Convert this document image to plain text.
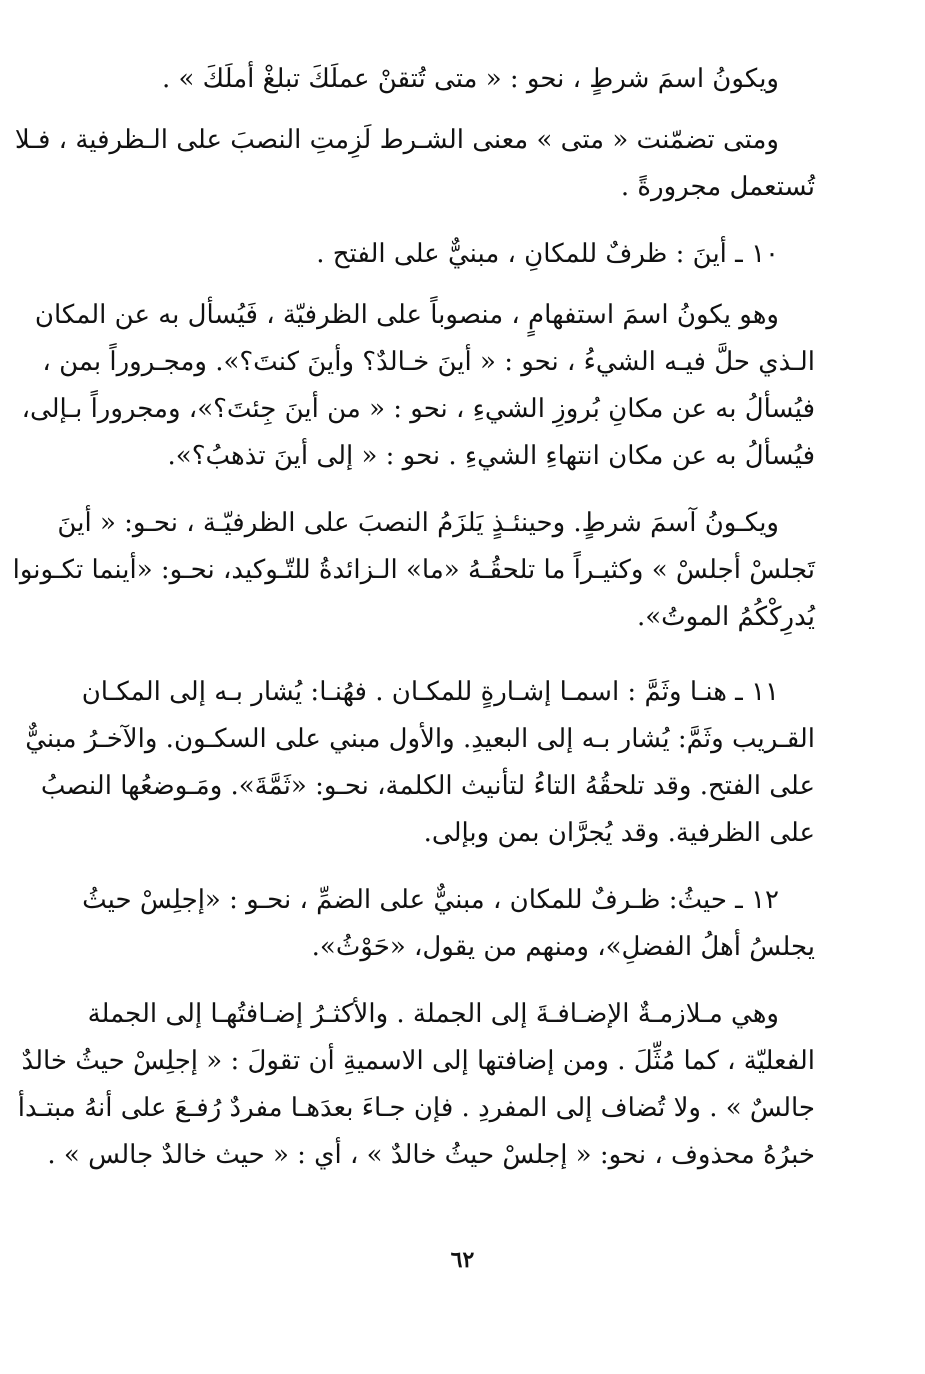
ويكونُ اسمَ شرطٍ ، نحو : « متى تُتقنْ عملَكَ تبلغْ أملَكَ » .
ومتى تضمّنت « متى » معنى الشـرط لَزِمتِ النصبَ على الـظرفية ، فـلا
تُستعمل مجرورةً .
١٠ ـ أينَ : ظرفٌ للمكانِ ، مبنيٌّ على الفتح .
وهو يكونُ اسمَ استفهامٍ ، منصوباً على الظرفيّة ، فَيُسأل به عن المكان
الـذي حلَّ فيـه الشيءُ ، نحو : « أينَ خـالدٌ؟ وأينَ كنتَ؟». ومجـروراً بمن ،
فيُسألُ به عن مكانِ بُروزِ الشيءِ ، نحو : « من أينَ جِئتَ؟»، ومجروراً بـإلى،
فيُسألُ به عن مكان انتهاءِ الشيءِ . نحو : « إلى أينَ تذهبُ؟».
ويكـونُ آسمَ شرطٍ. وحينئـذٍ يَلزَمُ النصبَ على الظرفيّـة ، نحـو: « أينَ
تَجلسْ أجلسْ » وكثيـراً ما تلحقُـهُ «ما» الـزائدةُ للتّـوكيد، نحـو: «أينما تكـونوا
يُدرِكْكُمُ الموتُ».
١١ ـ هنـا وثَمَّ : اسمـا إشـارةٍ للمكـان . فهُنـا: يُشار بـه إلى المكـان
القـريب وثَمَّ: يُشار بـه إلى البعيدِ. والأول مبني على السكـون. والآخـرُ مبنيٌّ
على الفتح. وقد تلحقُهُ التاءُ لتأنيث الكلمة، نحـو: «ثَمَّةَ». ومَـوضعُها النصبُ
على الظرفية. وقد يُجرَّان بمن وبإلى.
١٢ ـ حيثُ: ظـرفٌ للمكان ، مبنيٌّ على الضمِّ ، نحـو : «إجلِسْ حيثُ
يجلسُ أهلُ الفضلِ»، ومنهم من يقول، «حَوْثُ».
وهي مـلازمـةٌ الإضـافـةَ إلى الجملة . والأكثـرُ إضـافتُهـا إلى الجملة
الفعليّة ، كما مُثِّلَ . ومن إضافتها إلى الاسميةِ أن تقولَ : « إجلِسْ حيثُ خالدٌ
جالسٌ » . ولا تُضاف إلى المفردِ . فإن جـاءَ بعدَهـا مفردٌ رُفـعَ على أنهُ مبتـدأ
خبرُهُ محذوف ، نحو: « إجلسْ حيثُ خالدٌ » ، أي : « حيث خالدٌ جالس » .
٦٢
